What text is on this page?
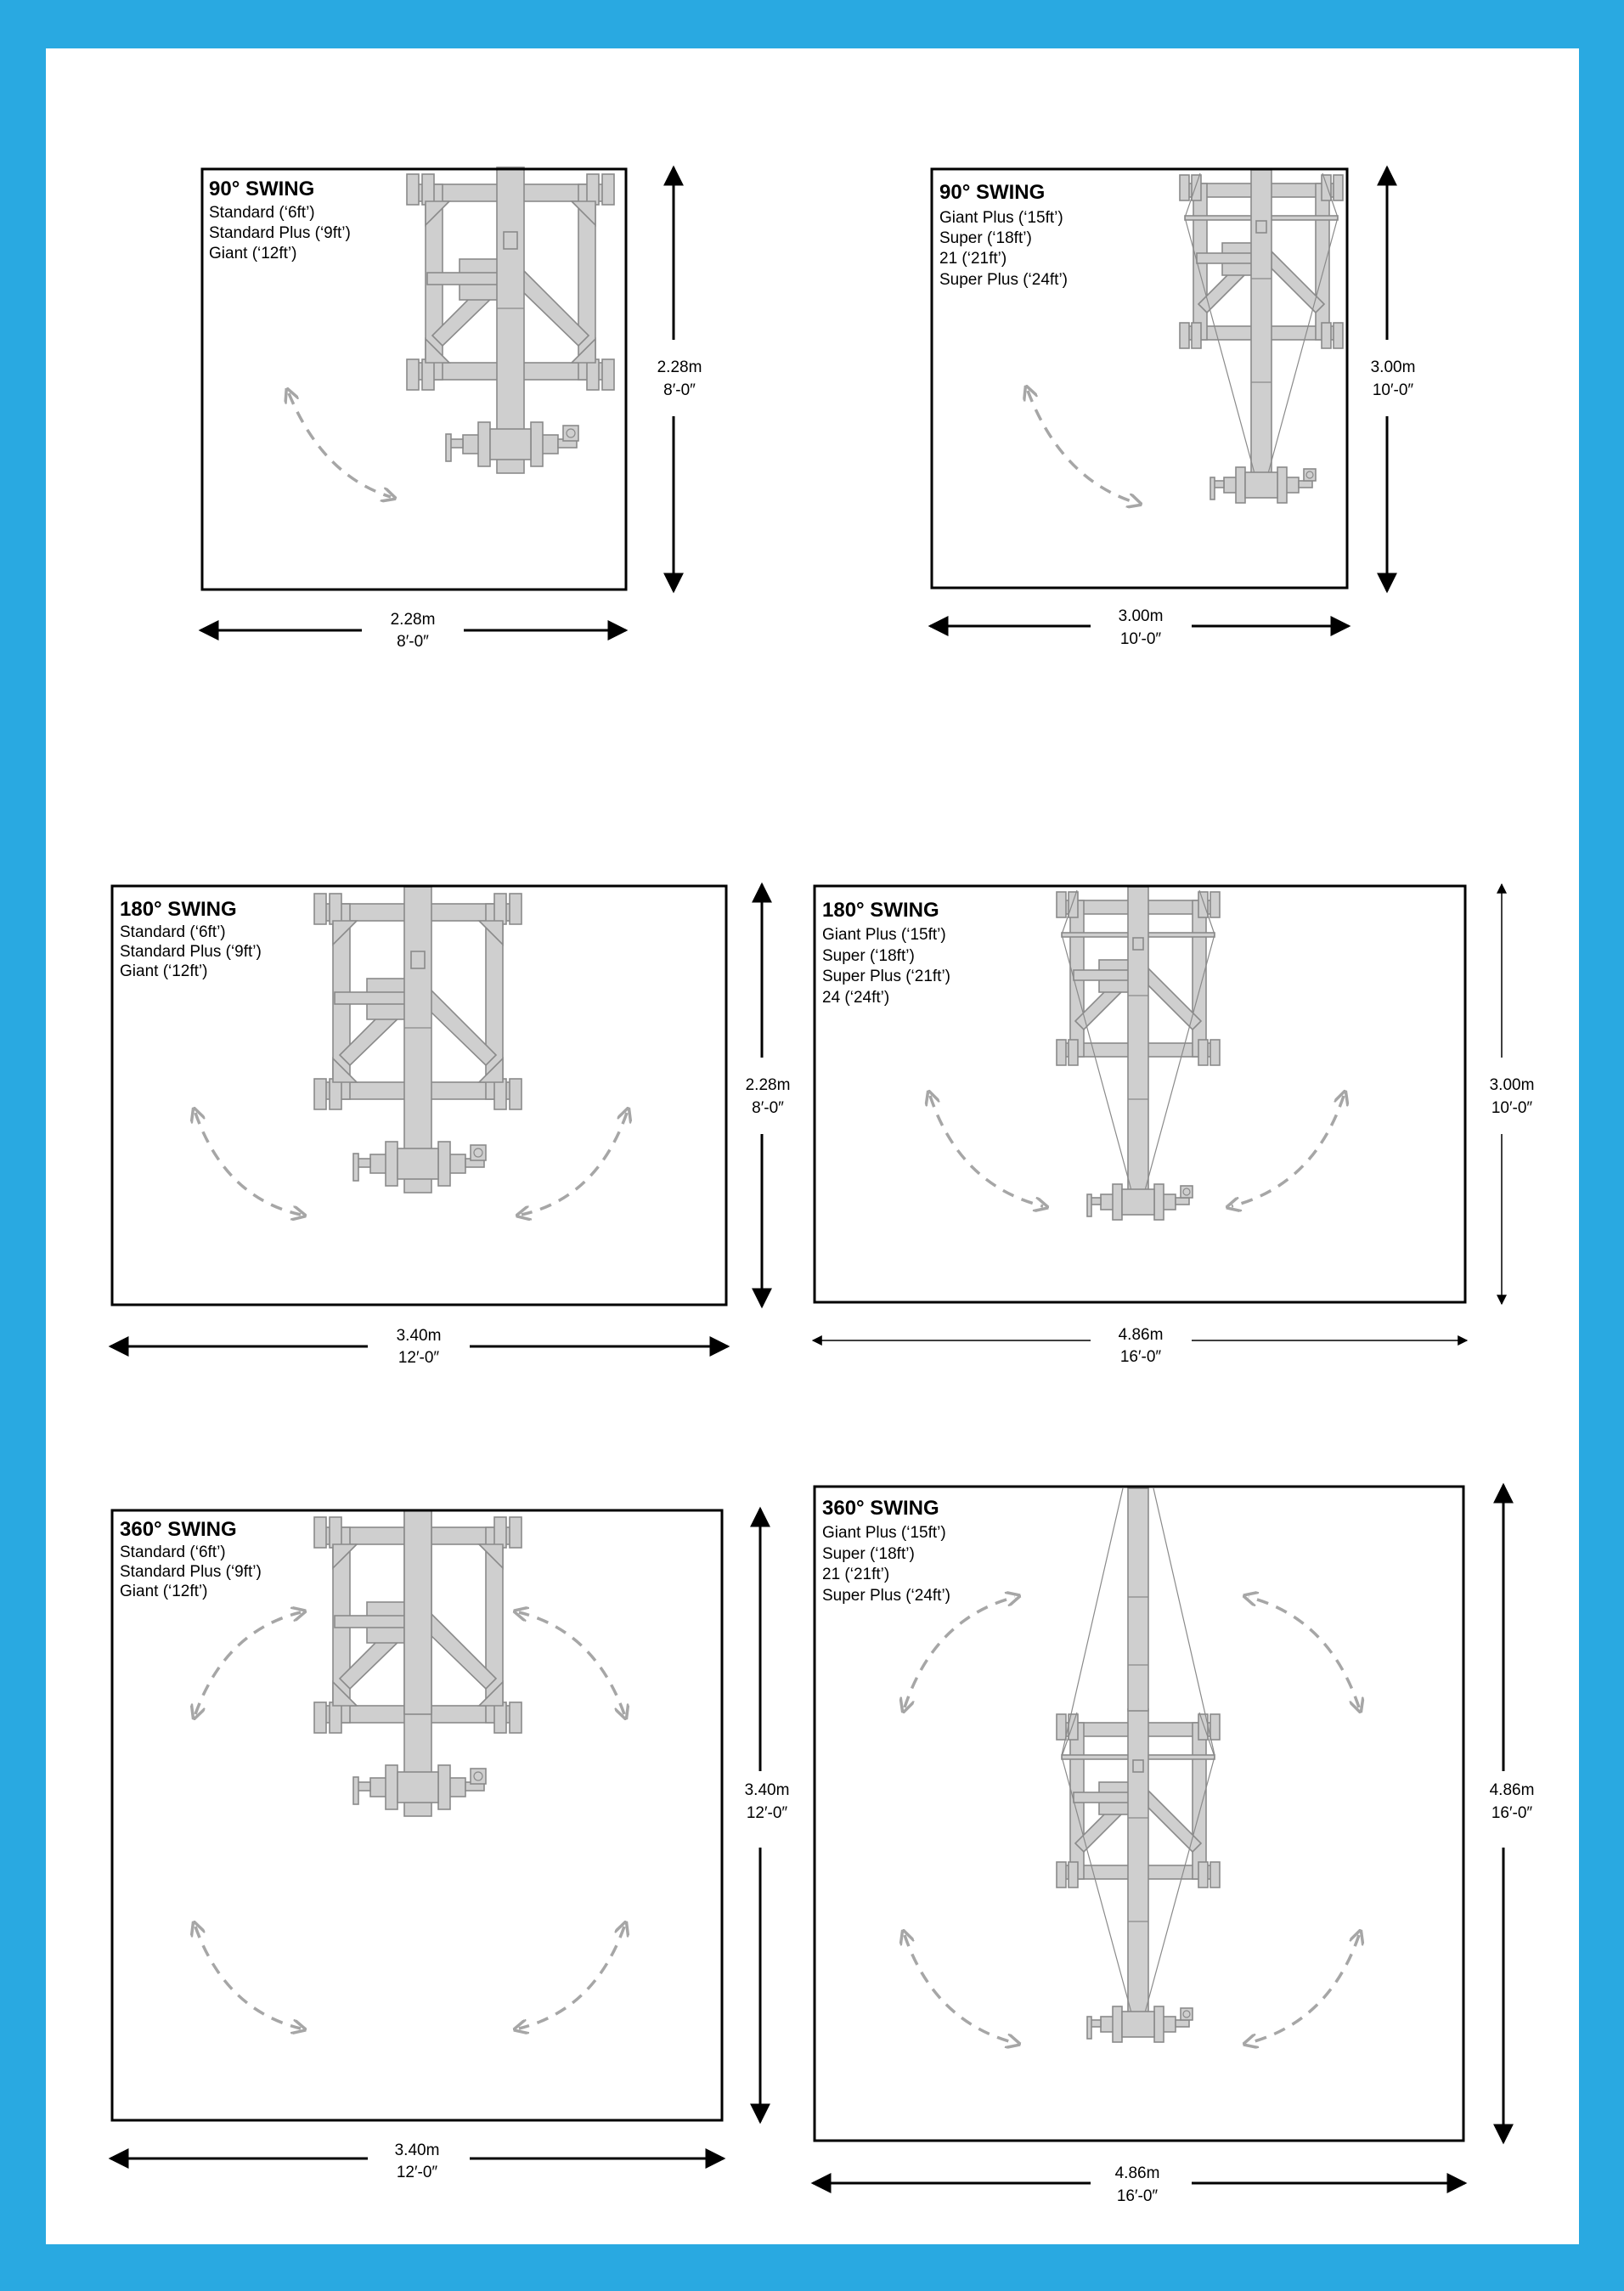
90° SWING
Standard (‘6ft’)
Standard Plus (‘9ft’)
Giant (‘12ft’)
2.28m
8′-0″
2.28m
8′-0″
90° SWING
Giant Plus (‘15ft’)
Super (‘18ft’)
21 (‘21ft’)
Super Plus (‘24ft’)
3.00m
10′-0″
3.00m
10′-0″
180° SWING
Standard (‘6ft’)
Standard Plus (‘9ft’)
Giant (‘12ft’)
3.40m
12′-0″
2.28m
8′-0″
180° SWING
Giant Plus (‘15ft’)
Super (‘18ft’)
Super Plus (‘21ft’)
24 (‘24ft’)
4.86m
16′-0″
3.00m
10′-0″
360° SWING
Standard (‘6ft’)
Standard Plus (‘9ft’)
Giant (‘12ft’)
3.40m
12′-0″
3.40m
12′-0″
360° SWING
Giant Plus (‘15ft’)
Super (‘18ft’)
21 (‘21ft’)
Super Plus (‘24ft’)
4.86m
16′-0″
4.86m
16′-0″
